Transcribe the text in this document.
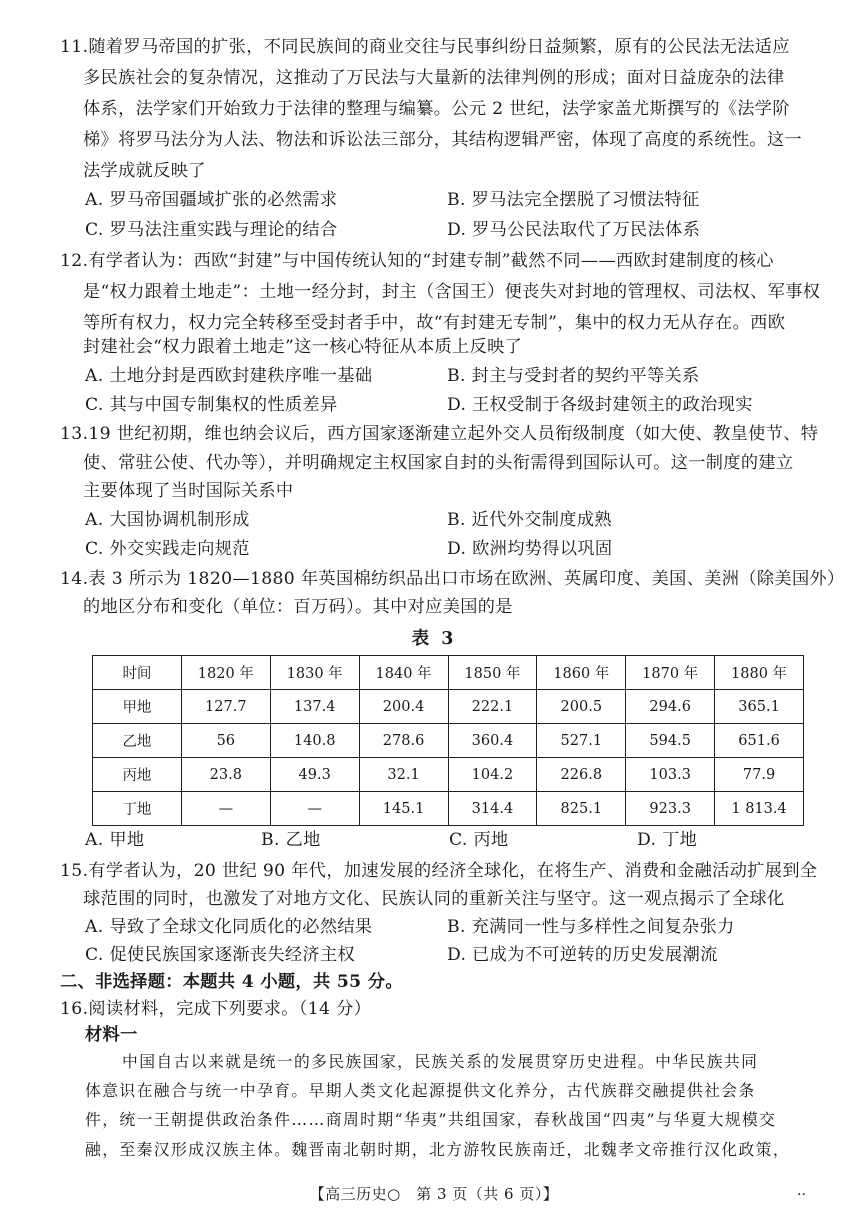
11.随着罗马帝国的扩张，不同民族间的商业交往与民事纠纷日益频繁，原有的公民法无法适应
多民族社会的复杂情况，这推动了万民法与大量新的法律判例的形成；面对日益庞杂的法律
体系，法学家们开始致力于法律的整理与编纂。公元 2 世纪，法学家盖尤斯撰写的《法学阶
梯》将罗马法分为人法、物法和诉讼法三部分，其结构逻辑严密，体现了高度的系统性。这一
法学成就反映了
A. 罗马帝国疆域扩张的必然需求	B. 罗马法完全摆脱了习惯法特征
C. 罗马法注重实践与理论的结合	D. 罗马公民法取代了万民法体系
12.有学者认为：西欧“封建”与中国传统认知的“封建专制”截然不同——西欧封建制度的核心
是“权力跟着土地走”：土地一经分封，封主（含国王）便丧失对封地的管理权、司法权、军事权
等所有权力，权力完全转移至受封者手中，故“有封建无专制”，集中的权力无从存在。西欧
封建社会“权力跟着土地走”这一核心特征从本质上反映了
A. 土地分封是西欧封建秩序唯一基础	B. 封主与受封者的契约平等关系
C. 其与中国专制集权的性质差异	D. 王权受制于各级封建领主的政治现实
13.19 世纪初期，维也纳会议后，西方国家逐渐建立起外交人员衔级制度（如大使、教皇使节、特
使、常驻公使、代办等），并明确规定主权国家自封的头衔需得到国际认可。这一制度的建立
主要体现了当时国际关系中
A. 大国协调机制形成	B. 近代外交制度成熟
C. 外交实践走向规范	D. 欧洲均势得以巩固
14.表 3 所示为 1820—1880 年英国棉纺织品出口市场在欧洲、英属印度、美国、美洲（除美国外）
的地区分布和变化（单位：百万码）。其中对应美国的是
表 3
时间	1820 年	1830 年	1840 年	1850 年	1860 年	1870 年	1880 年
甲地	127.7	137.4	200.4	222.1	200.5	294.6	365.1
乙地	56	140.8	278.6	360.4	527.1	594.5	651.6
丙地	23.8	49.3	32.1	104.2	226.8	103.3	77.9
丁地	—	—	145.1	314.4	825.1	923.3	1 813.4
A. 甲地	B. 乙地	C. 丙地	D. 丁地
15.有学者认为，20 世纪 90 年代，加速发展的经济全球化，在将生产、消费和金融活动扩展到全
球范围的同时，也激发了对地方文化、民族认同的重新关注与坚守。这一观点揭示了全球化
A. 导致了全球文化同质化的必然结果	B. 充满同一性与多样性之间复杂张力
C. 促使民族国家逐渐丧失经济主权	D. 已成为不可逆转的历史发展潮流
二、非选择题：本题共 4 小题，共 55 分。
16.阅读材料，完成下列要求。（14 分）
材料一
中国自古以来就是统一的多民族国家，民族关系的发展贯穿历史进程。中华民族共同
体意识在融合与统一中孕育。早期人类文化起源提供文化养分，古代族群交融提供社会条
件，统一王朝提供政治条件……商周时期“华夷”共组国家，春秋战国“四夷”与华夏大规模交
融，至秦汉形成汉族主体。魏晋南北朝时期，北方游牧民族南迁，北魏孝文帝推行汉化政策，
【高三历史○　第 3 页（共 6 页）】	..
